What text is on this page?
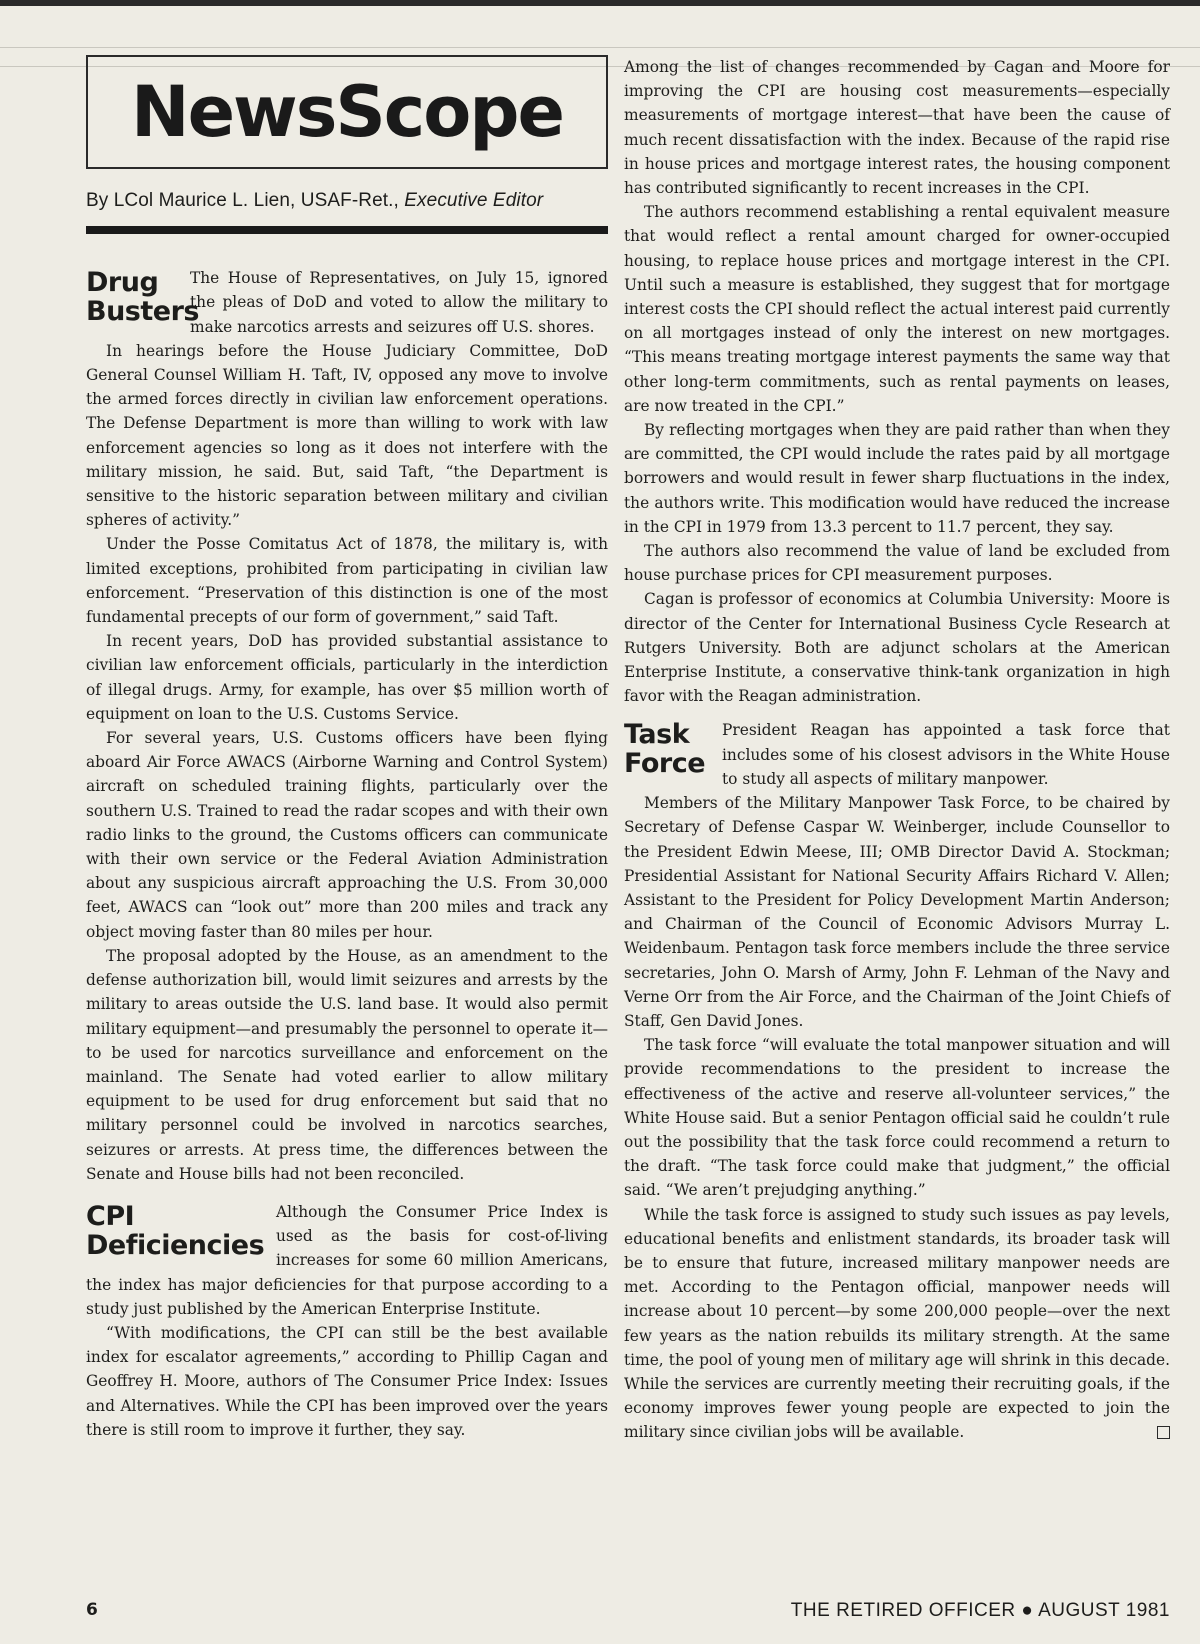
NewsScope
By LCol Maurice L. Lien, USAF-Ret., Executive Editor
Drug
Busters

The House of Representatives, on July 15, ignored the pleas of DoD and voted to allow the military to make narcotics arrests and seizures off U.S. shores.

In hearings before the House Judiciary Committee, DoD General Counsel William H. Taft, IV, opposed any move to involve the armed forces directly in civilian law enforcement operations. The Defense Department is more than willing to work with law enforcement agencies so long as it does not interfere with the military mission, he said. But, said Taft, “the Department is sensitive to the historic separation between military and civilian spheres of activity.”

Under the Posse Comitatus Act of 1878, the military is, with limited exceptions, prohibited from participating in civilian law enforcement. “Preservation of this distinction is one of the most fundamental precepts of our form of government,” said Taft.

In recent years, DoD has provided substantial assistance to civilian law enforcement officials, particularly in the interdiction of illegal drugs. Army, for example, has over $5 million worth of equipment on loan to the U.S. Customs Service.

For several years, U.S. Customs officers have been flying aboard Air Force AWACS (Airborne Warning and Control System) aircraft on scheduled training flights, particularly over the southern U.S. Trained to read the radar scopes and with their own radio links to the ground, the Customs officers can communicate with their own service or the Federal Aviation Administration about any suspicious aircraft approaching the U.S. From 30,000 feet, AWACS can “look out” more than 200 miles and track any object moving faster than 80 miles per hour.

The proposal adopted by the House, as an amendment to the defense authorization bill, would limit seizures and arrests by the military to areas outside the U.S. land base. It would also permit military equipment—and presumably the personnel to operate it—to be used for narcotics surveillance and enforcement on the mainland. The Senate had voted earlier to allow military equipment to be used for drug enforcement but said that no military personnel could be involved in narcotics searches, seizures or arrests. At press time, the differences between the Senate and House bills had not been reconciled.

CPI
Deficiencies

Although the Consumer Price Index is used as the basis for cost-of-living increases for some 60 million Americans, the index has major deficiencies for that purpose according to a study just published by the American Enterprise Institute.

“With modifications, the CPI can still be the best available index for escalator agreements,” according to Phillip Cagan and Geoffrey H. Moore, authors of The Consumer Price Index: Issues and Alternatives. While the CPI has been improved over the years there is still room to improve it further, they say.

Among the list of changes recommended by Cagan and Moore for improving the CPI are housing cost measurements—especially measurements of mortgage interest—that have been the cause of much recent dissatisfaction with the index. Because of the rapid rise in house prices and mortgage interest rates, the housing component has contributed significantly to recent increases in the CPI.

The authors recommend establishing a rental equivalent measure that would reflect a rental amount charged for owner-occupied housing, to replace house prices and mortgage interest in the CPI. Until such a measure is established, they suggest that for mortgage interest costs the CPI should reflect the actual interest paid currently on all mortgages instead of only the interest on new mortgages. “This means treating mortgage interest payments the same way that other long-term commitments, such as rental payments on leases, are now treated in the CPI.”

By reflecting mortgages when they are paid rather than when they are committed, the CPI would include the rates paid by all mortgage borrowers and would result in fewer sharp fluctuations in the index, the authors write. This modification would have reduced the increase in the CPI in 1979 from 13.3 percent to 11.7 percent, they say.

The authors also recommend the value of land be excluded from house purchase prices for CPI measurement purposes.

Cagan is professor of economics at Columbia University: Moore is director of the Center for International Business Cycle Research at Rutgers University. Both are adjunct scholars at the American Enterprise Institute, a conservative think-tank organization in high favor with the Reagan administration.

Task
Force

President Reagan has appointed a task force that includes some of his closest advisors in the White House to study all aspects of military manpower.

Members of the Military Manpower Task Force, to be chaired by Secretary of Defense Caspar W. Weinberger, include Counsellor to the President Edwin Meese, III; OMB Director David A. Stockman; Presidential Assistant for National Security Affairs Richard V. Allen; Assistant to the President for Policy Development Martin Anderson; and Chairman of the Council of Economic Advisors Murray L. Weidenbaum. Pentagon task force members include the three service secretaries, John O. Marsh of Army, John F. Lehman of the Navy and Verne Orr from the Air Force, and the Chairman of the Joint Chiefs of Staff, Gen David Jones.

The task force “will evaluate the total manpower situation and will provide recommendations to the president to increase the effectiveness of the active and reserve all-volunteer services,” the White House said. But a senior Pentagon official said he couldn’t rule out the possibility that the task force could recommend a return to the draft. “The task force could make that judgment,” the official said. “We aren’t prejudging anything.”

While the task force is assigned to study such issues as pay levels, educational benefits and enlistment standards, its broader task will be to ensure that future, increased military manpower needs are met. According to the Pentagon official, manpower needs will increase about 10 percent—by some 200,000 people—over the next few years as the nation rebuilds its military strength. At the same time, the pool of young men of military age will shrink in this decade. While the services are currently meeting their recruiting goals, if the economy improves fewer young people are expected to join the military since civilian jobs will be available.

6	THE RETIRED OFFICER ● AUGUST 1981
